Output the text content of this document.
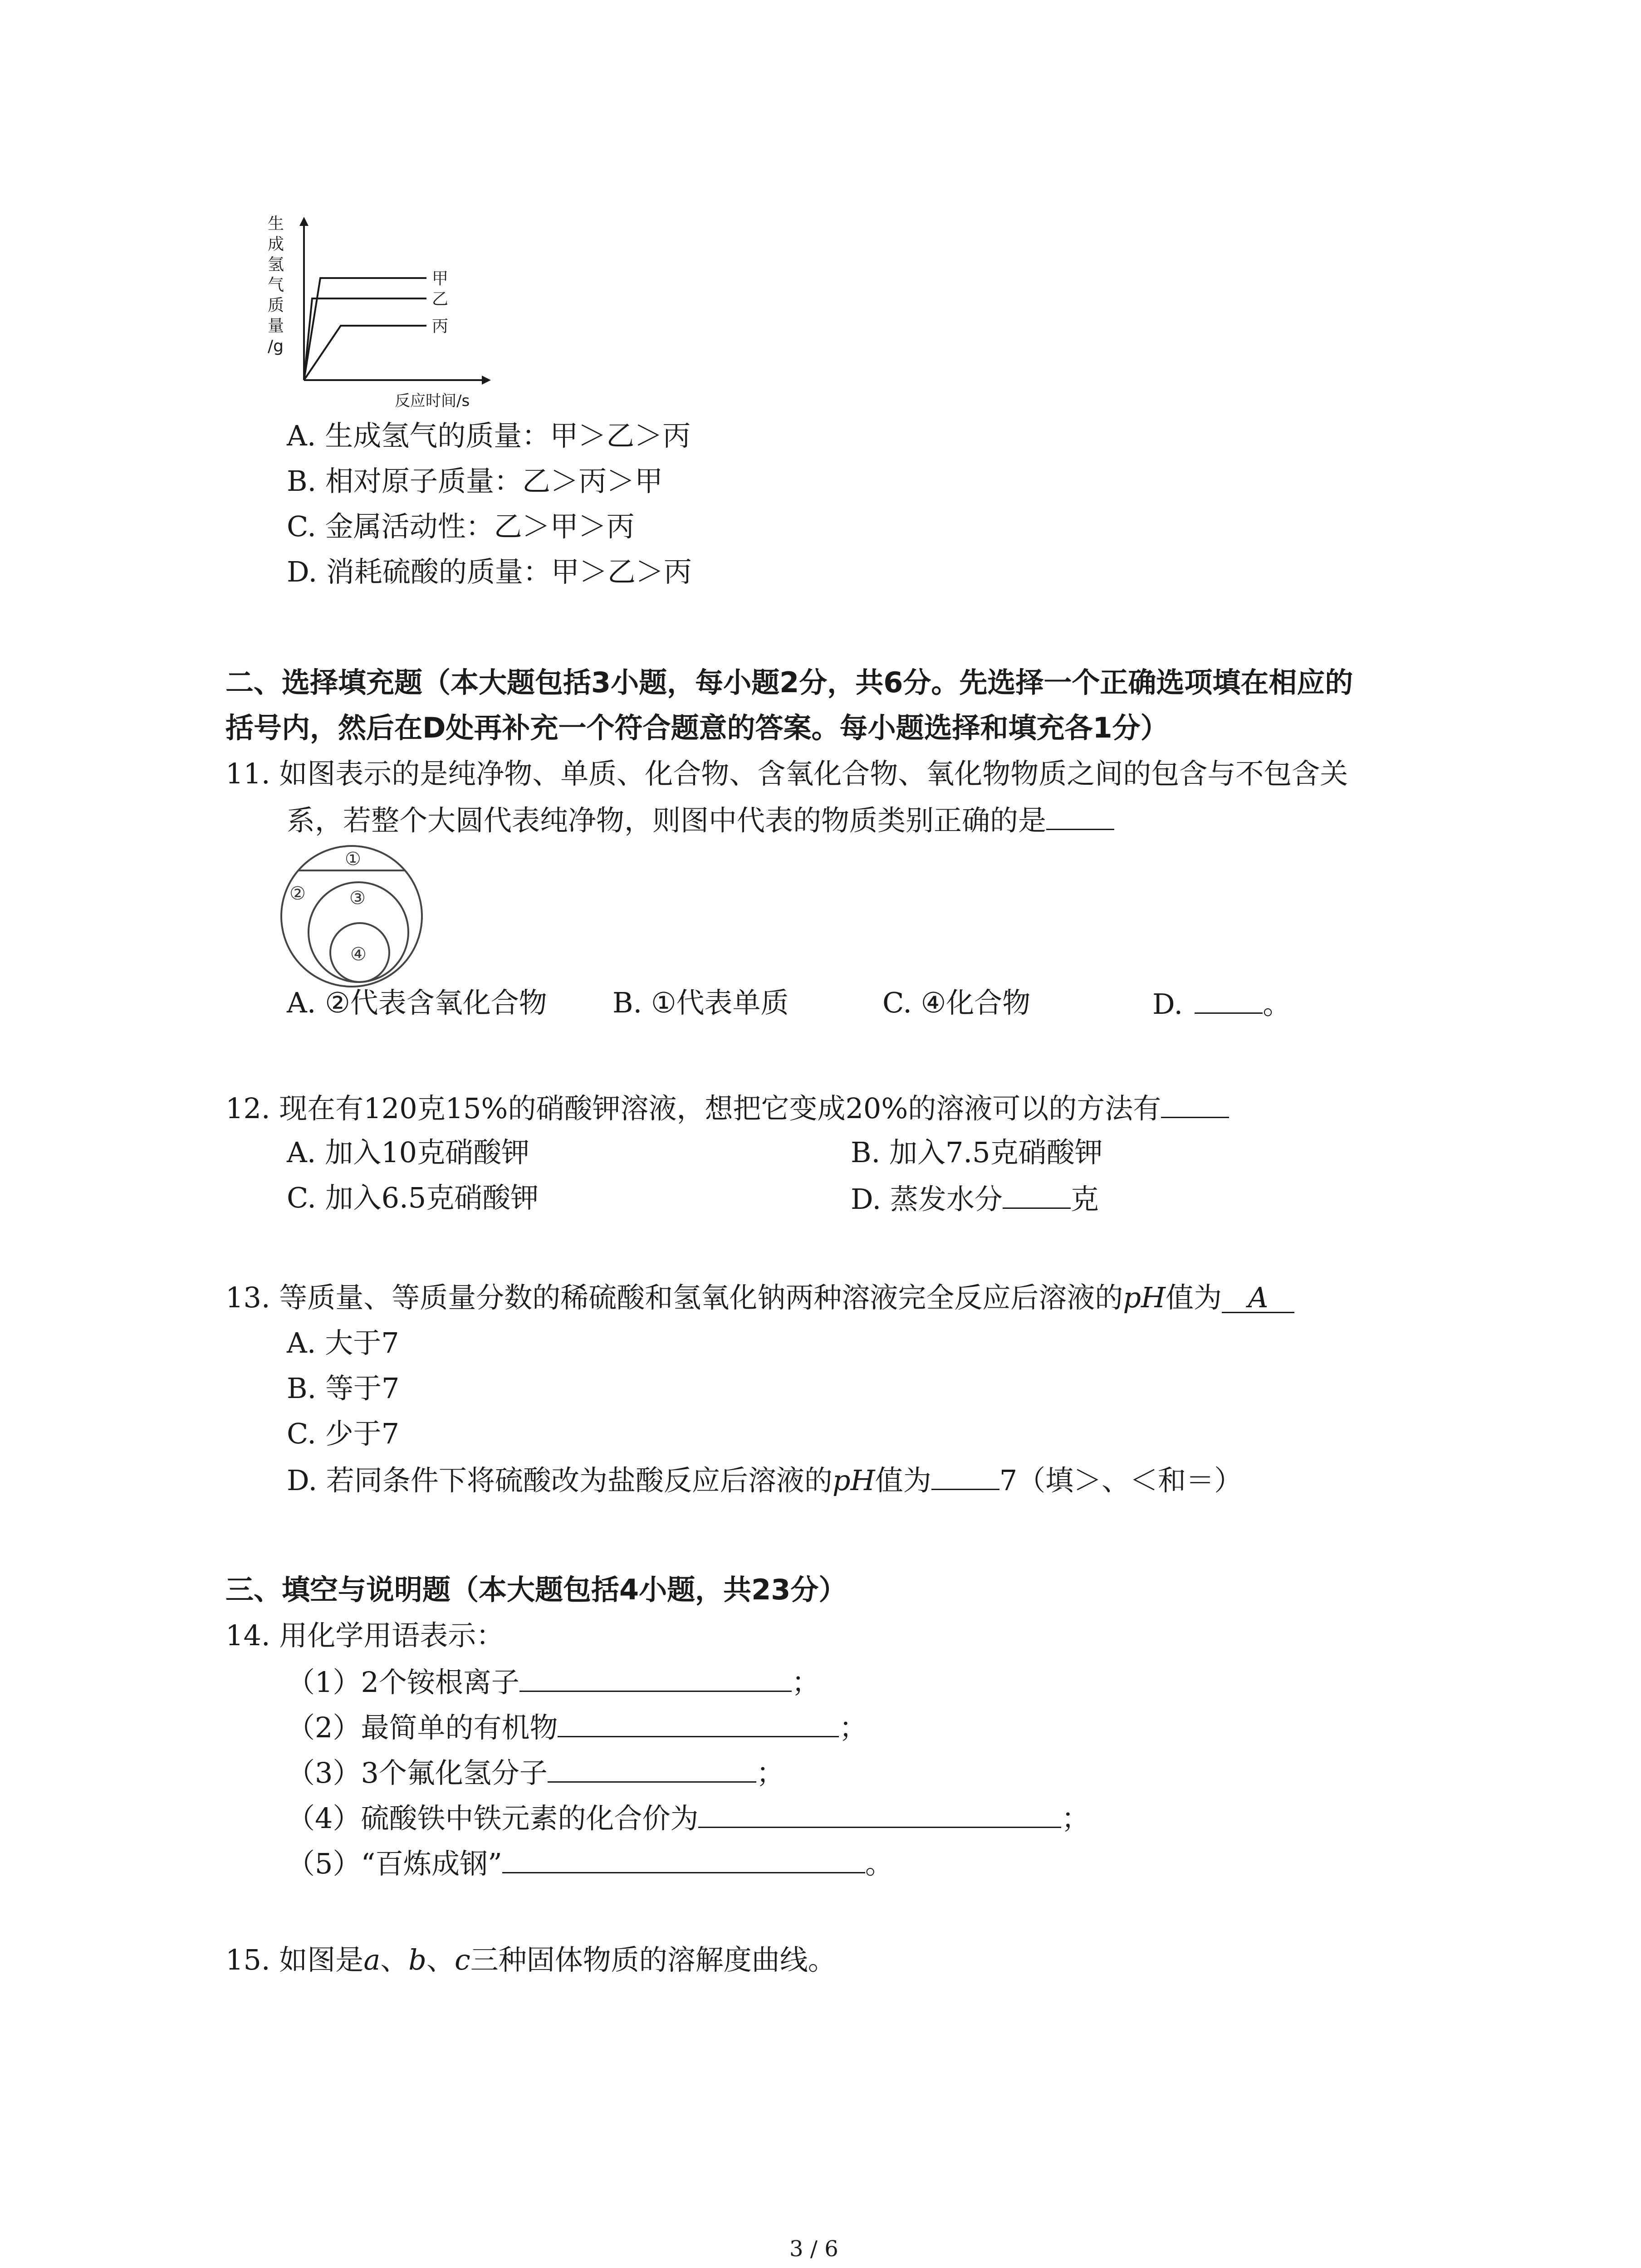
生
成
氢
气
质
量
/g
甲
乙
丙
反应时间/s
A. 生成氢气的质量：甲＞乙＞丙
B. 相对原子质量：乙＞丙＞甲
C. 金属活动性：乙＞甲＞丙
D. 消耗硫酸的质量：甲＞乙＞丙
二、选择填充题（本大题包括3小题，每小题2分，共6分。先选择一个正确选项填在相应的
括号内，然后在D处再补充一个符合题意的答案。每小题选择和填充各1分）
11. 如图表示的是纯净物、单质、化合物、含氧化合物、氧化物物质之间的包含与不包含关
系，若整个大圆代表纯净物，则图中代表的物质类别正确的是
①
② ③
④
A. ②代表含氧化合物 B. ①代表单质	C. ④化合物	D.	。
12. 现在有120克15%的硝酸钾溶液，想把它变成20%的溶液可以的方法有
A. 加入10克硝酸钾	B. 加入7.5克硝酸钾
C. 加入6.5克硝酸钾	D. 蒸发水分 克
13. 等质量、等质量分数的稀硫酸和氢氧化钠两种溶液完全反应后溶液的pH值为 A
A. 大于7
B. 等于7
C. 少于7
D. 若同条件下将硫酸改为盐酸反应后溶液的pH值为 7（填＞、＜和＝）
三、填空与说明题（本大题包括4小题，共23分）
14. 用化学用语表示：
（1）2个铵根离子	；
（2）最简单的有机物	；
（3）3个氟化氢分子	；
（4）硫酸铁中铁元素的化合价为	；
（5）“百炼成钢”	。
15. 如图是a、b、c三种固体物质的溶解度曲线。
3 / 6
